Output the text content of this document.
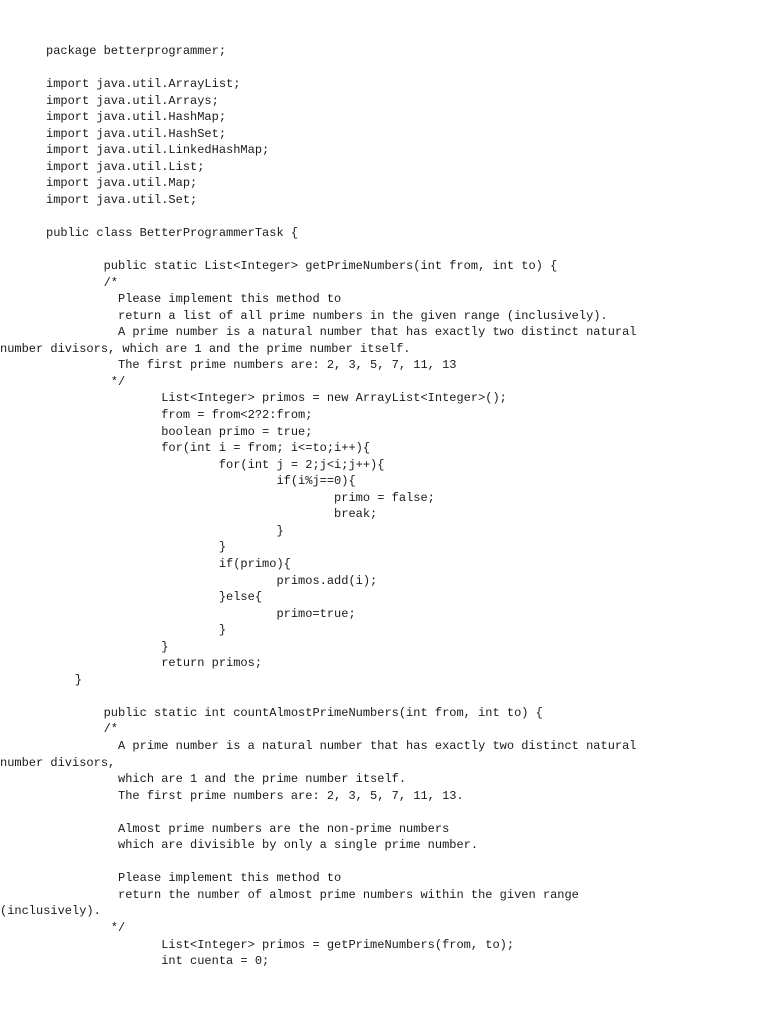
package betterprogrammer;
import java.util.ArrayList;
import java.util.Arrays;
import java.util.HashMap;
import java.util.HashSet;
import java.util.LinkedHashMap;
import java.util.List;
import java.util.Map;
import java.util.Set;
public class BetterProgrammerTask {
public static List<Integer> getPrimeNumbers(int from, int to) {
/*
Please implement this method to
return a list of all prime numbers in the given range (inclusively).
A prime number is a natural number that has exactly two distinct natural
number divisors, which are 1 and the prime number itself.
The first prime numbers are: 2, 3, 5, 7, 11, 13
*/
List<Integer> primos = new ArrayList<Integer>();
from = from<2?2:from;
boolean primo = true;
for(int i = from; i<=to;i++){
for(int j = 2;j<i;j++){
if(i%j==0){
primo = false;
break;
}
}
if(primo){
primos.add(i);
}else{
primo=true;
}
}
return primos;
}
public static int countAlmostPrimeNumbers(int from, int to) {
/*
A prime number is a natural number that has exactly two distinct natural
number divisors,
which are 1 and the prime number itself.
The first prime numbers are: 2, 3, 5, 7, 11, 13.
Almost prime numbers are the non-prime numbers
which are divisible by only a single prime number.
Please implement this method to
return the number of almost prime numbers within the given range
(inclusively).
*/
List<Integer> primos = getPrimeNumbers(from, to);
int cuenta = 0;
